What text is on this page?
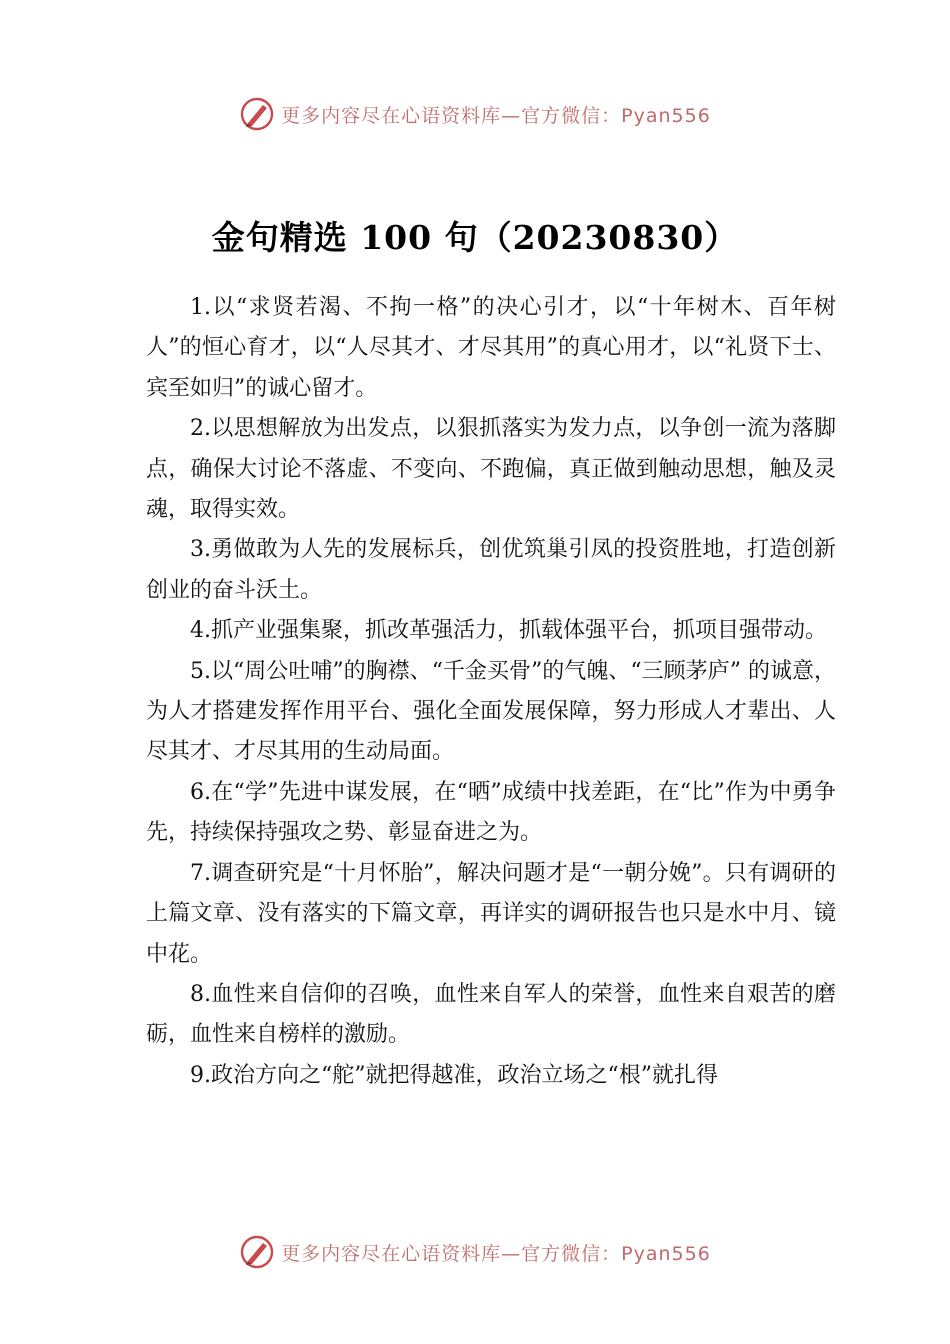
更多内容尽在心语资料库—官方微信：Pyan556
金句精选 100 句（20230830）

1.以“求贤若渴、不拘一格”的决心引才，以“十年树木、百年树人”的恒心育才，以“人尽其才、才尽其用”的真心用才，以“礼贤下士、宾至如归”的诚心留才。

2.以思想解放为出发点，以狠抓落实为发力点，以争创一流为落脚点，确保大讨论不落虚、不变向、不跑偏，真正做到触动思想，触及灵魂，取得实效。

3.勇做敢为人先的发展标兵，创优筑巢引凤的投资胜地，打造创新创业的奋斗沃土。

4.抓产业强集聚，抓改革强活力，抓载体强平台，抓项目强带动。

5.以“周公吐哺”的胸襟、“千金买骨”的气魄、“三顾茅庐” 的诚意，为人才搭建发挥作用平台、强化全面发展保障，努力形成人才辈出、人尽其才、才尽其用的生动局面。

6.在“学”先进中谋发展，在“晒”成绩中找差距，在“比”作为中勇争先，持续保持强攻之势、彰显奋进之为。

7.调查研究是“十月怀胎”，解决问题才是“一朝分娩”。只有调研的上篇文章、没有落实的下篇文章，再详实的调研报告也只是水中月、镜中花。

8.血性来自信仰的召唤，血性来自军人的荣誉，血性来自艰苦的磨砺，血性来自榜样的激励。

9.政治方向之“舵”就把得越准，政治立场之“根”就扎得

更多内容尽在心语资料库—官方微信：Pyan556
